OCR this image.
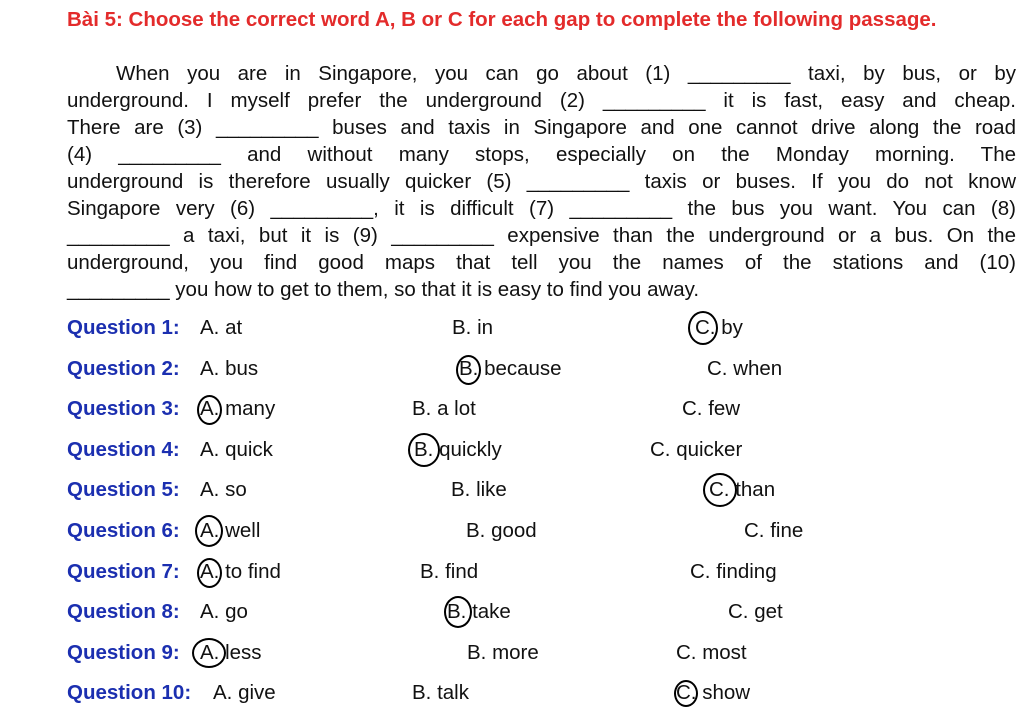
Bài 5: Choose the correct word A, B or C for each gap to complete the following passage.
When you are in Singapore, you can go about (1) _________ taxi, by bus, or by
underground. I myself prefer the underground (2) _________ it is fast, easy and cheap.
There are (3) _________ buses and taxis in Singapore and one cannot drive along the road
(4) _________ and without many stops, especially on the Monday morning. The
underground is therefore usually quicker (5) _________ taxis or buses. If you do not know
Singapore very (6) _________, it is difficult (7) _________ the bus you want. You can (8)
_________ a taxi, but it is (9) _________ expensive than the underground or a bus. On the
underground, you find good maps that tell you the names of the stations and (10)
_________ you how to get to them, so that it is easy to find you away.
Question 1: A. at	B. in	C. by
Question 2: A. bus	B. because	C. when
Question 3: A. many	B. a lot	C. few
Question 4: A. quick	B. quickly	C. quicker
Question 5: A. so	B. like	C. than
Question 6: A. well	B. good	C. fine
Question 7: A. to find	B. find	C. finding
Question 8: A. go	B. take	C. get
Question 9: A. less	B. more	C. most
Question 10: A. give	B. talk	C. show
